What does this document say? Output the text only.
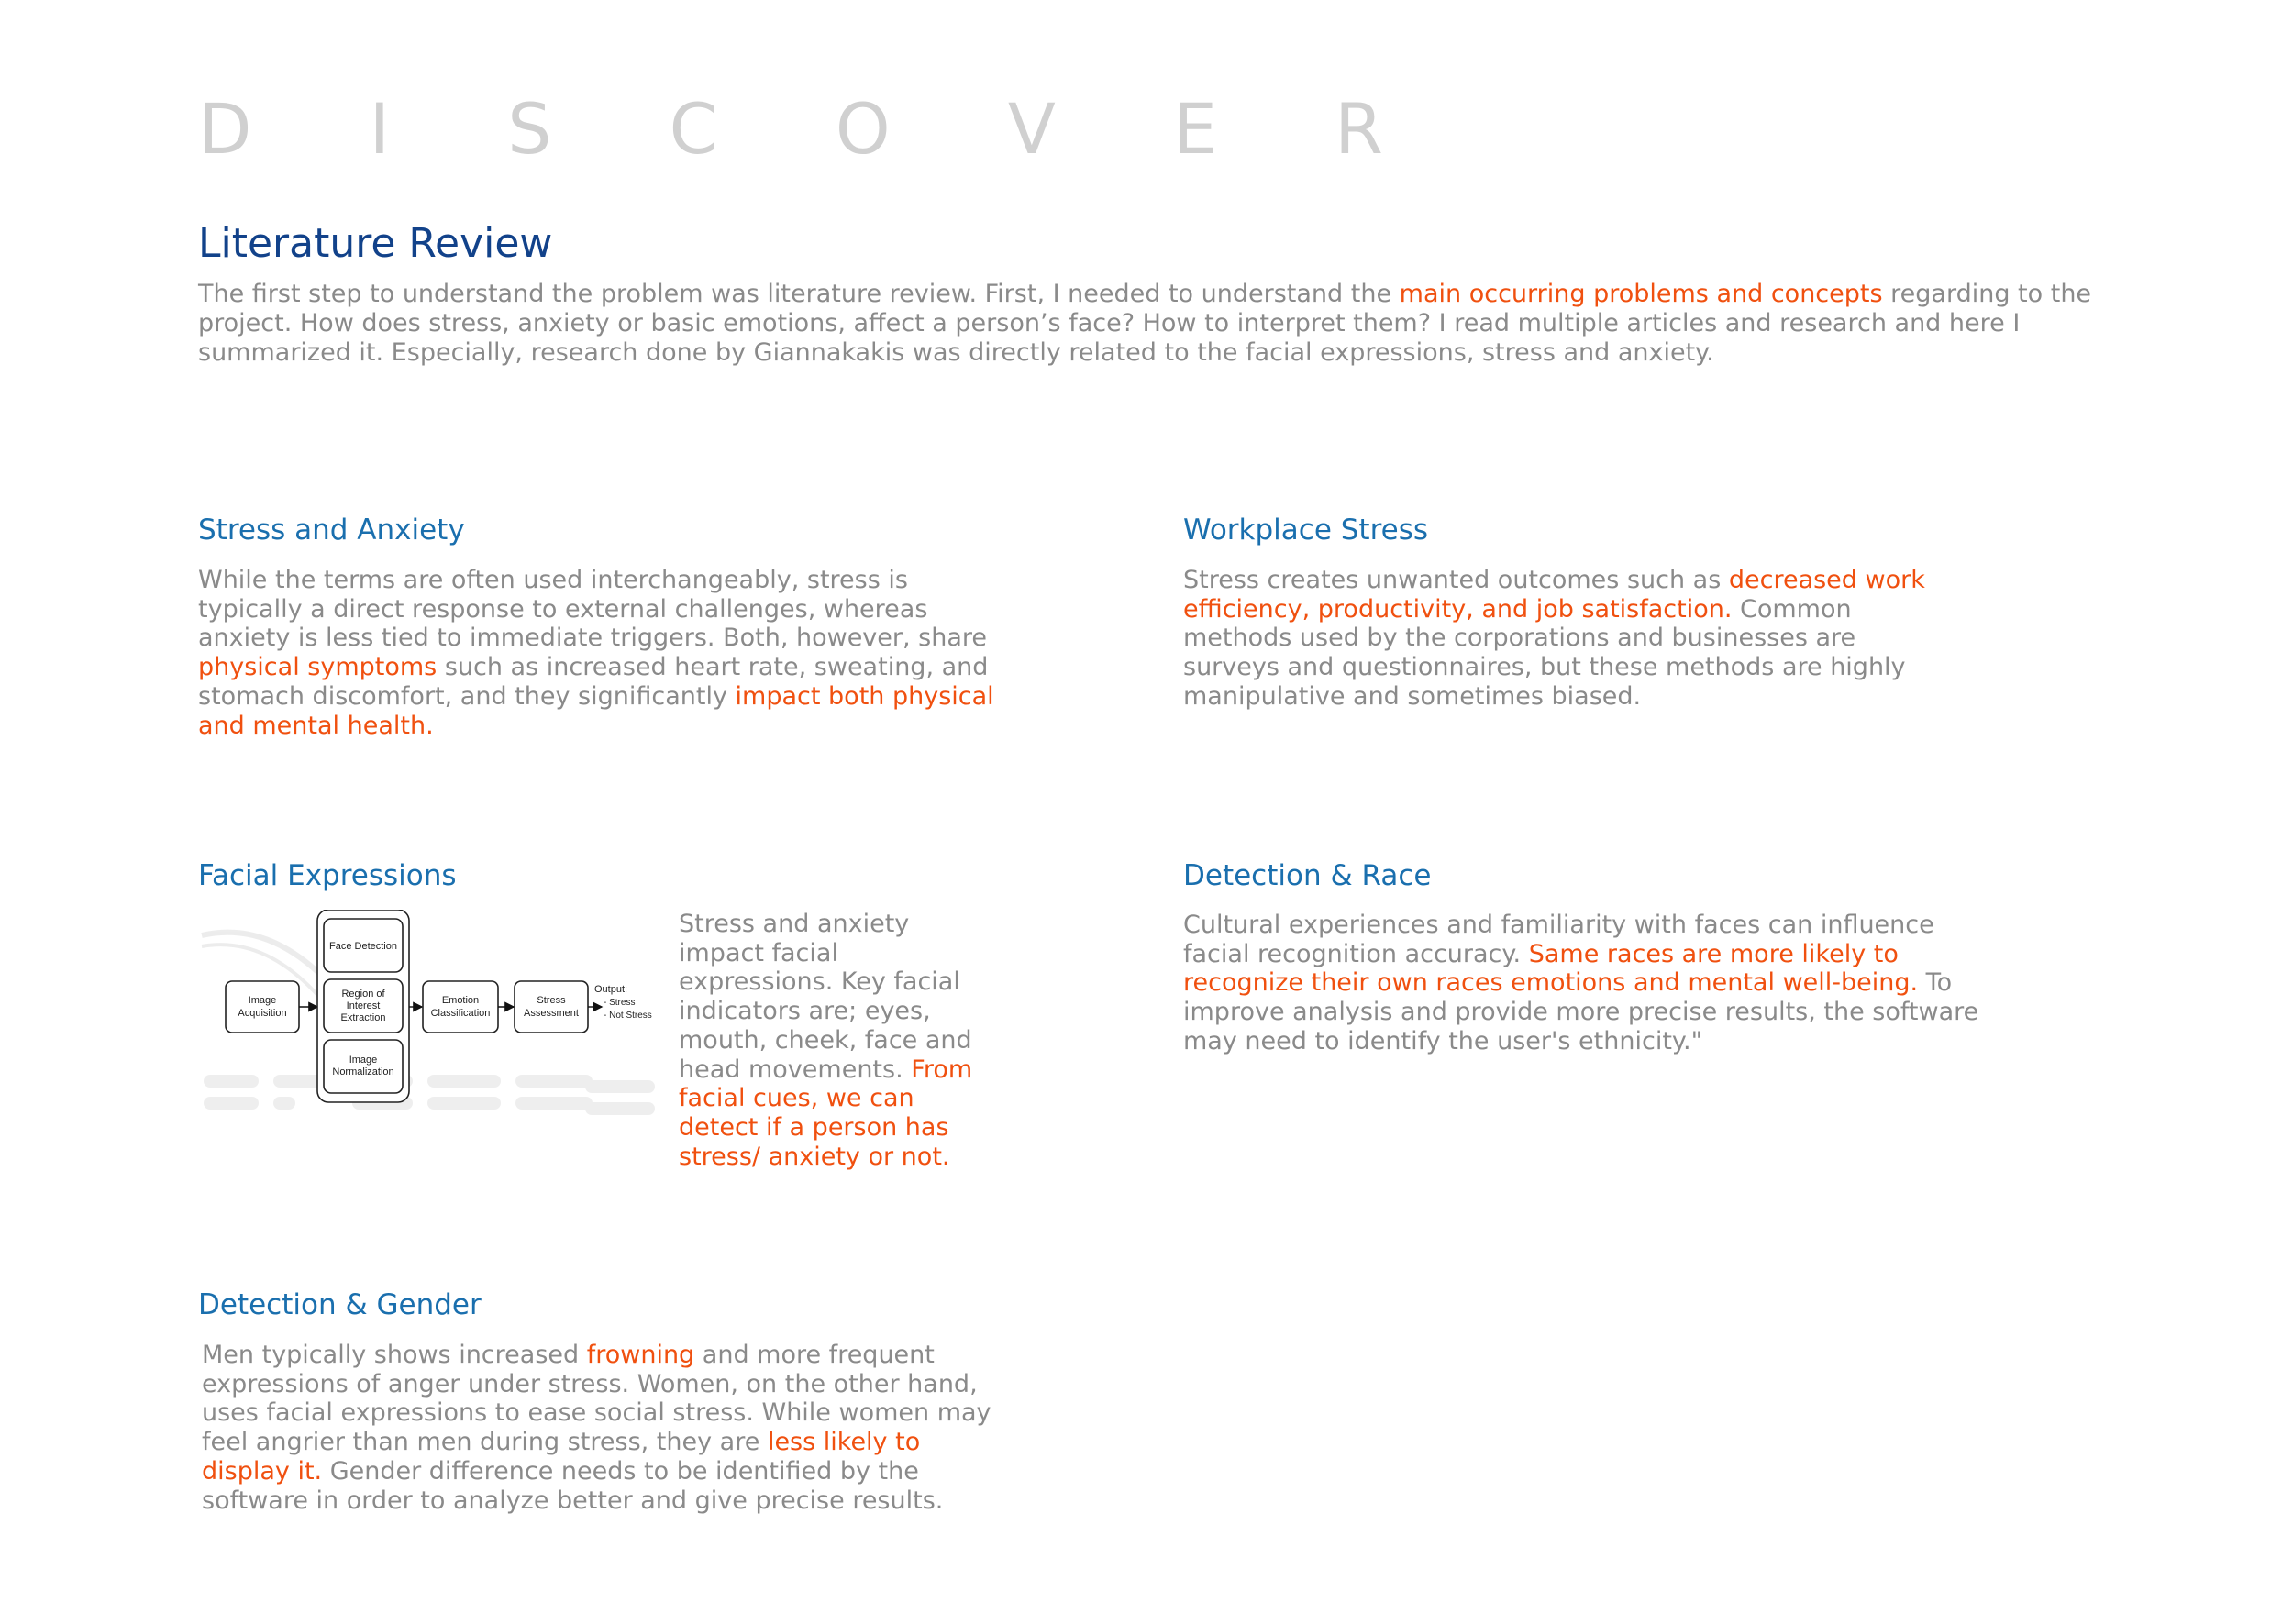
D I S C O V E R
Literature Review

The first step to understand the problem was literature review. First, I needed to understand the main occurring problems and concepts regarding to the project. How does stress, anxiety or basic emotions, affect a person’s face? How to interpret them? I read multiple articles and research and here I summarized it. Especially, research done by Giannakakis was directly related to the facial expressions, stress and anxiety.

Stress and Anxiety

While the terms are often used interchangeably, stress is typically a direct response to external challenges, whereas anxiety is less tied to immediate triggers. Both, however, share physical symptoms such as increased heart rate, sweating, and stomach discomfort, and they significantly impact both physical and mental health.

Workplace Stress

Stress creates unwanted outcomes such as decreased work efficiency, productivity, and job satisfaction. Common methods used by the corporations and businesses are surveys and questionnaires, but these methods are highly manipulative and sometimes biased.

Facial Expressions
Image
Acquisition
Face Detection
Region of
Interest
Extraction
Image
Normalization
Emotion
Classification
Stress
Assessment
Output:
- Stress
- Not Stress

Stress and anxiety impact facial expressions. Key facial indicators are; eyes, mouth, cheek, face and head movements. From facial cues, we can detect if a person has stress/ anxiety or not.

Detection & Race

Cultural experiences and familiarity with faces can influence facial recognition accuracy. Same races are more likely to recognize their own races emotions and mental well-being. To improve analysis and provide more precise results, the software may need to identify the user's ethnicity."

Detection & Gender

Men typically shows increased frowning and more frequent expressions of anger under stress. Women, on the other hand, uses facial expressions to ease social stress. While women may feel angrier than men during stress, they are less likely to display it. Gender difference needs to be identified by the software in order to analyze better and give precise results.
